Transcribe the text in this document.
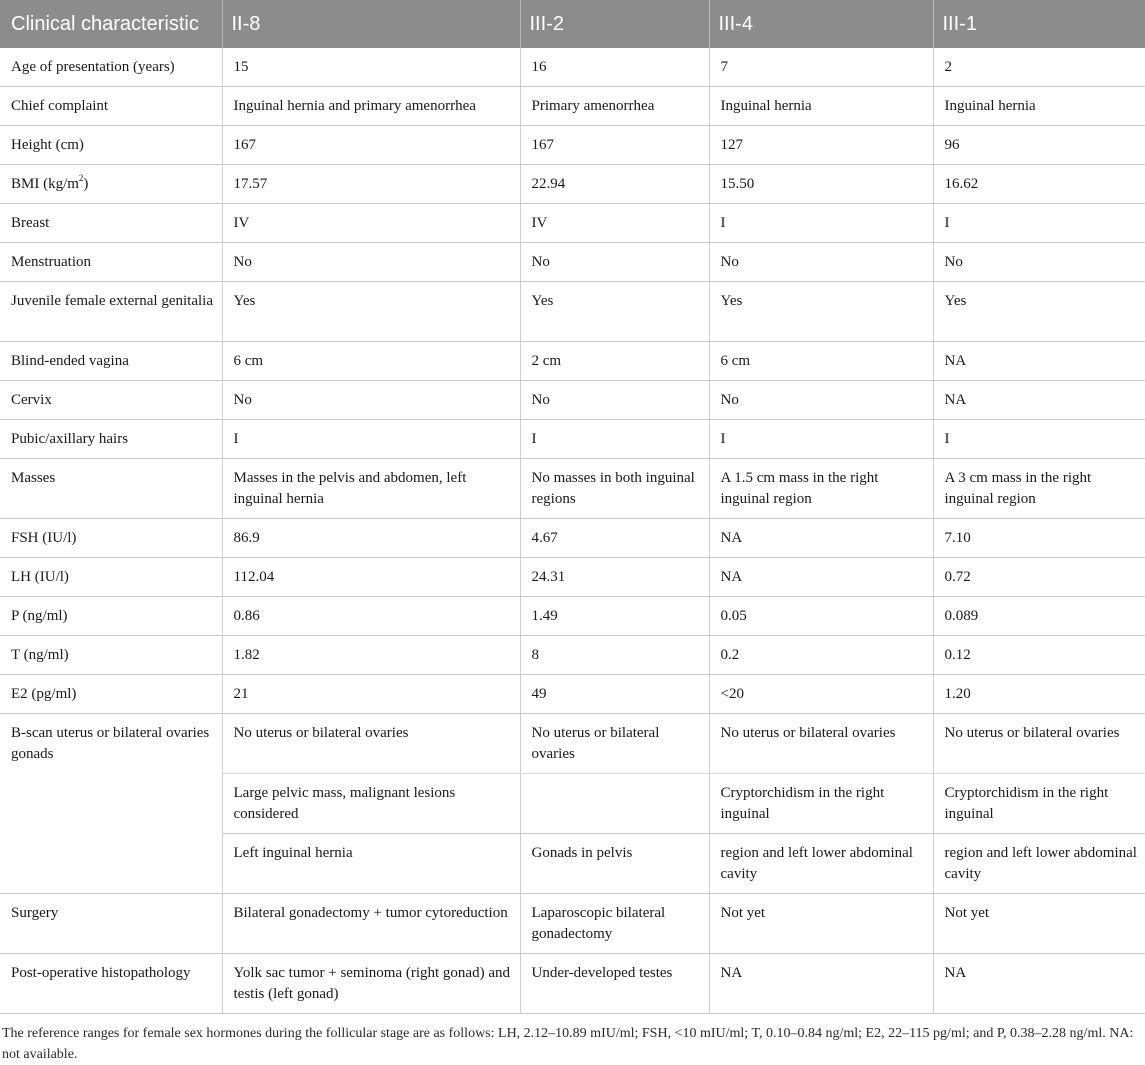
Clinical characteristic	II-8	III-2	III-4	III-1
Age of presentation (years)	15	16	7	2
Chief complaint	Inguinal hernia and primary amenorrhea	Primary amenorrhea	Inguinal hernia	Inguinal hernia
Height (cm)	167	167	127	96
BMI $(kg/m^2)$	17.57	22.94	15.50	16.62
Breast	IV	IV	I	I
Menstruation	No	No	No	No
Juvenile female external genitalia	Yes	Yes	Yes	Yes
Blind-ended vagina	6 cm	2 cm	6 cm	NA
Cervix	No	No	No	NA
Pubic/axillary hairs	I	I	I	I
Masses	Masses in the pelvis and abdomen, left inguinal hernia	No masses in both inguinal regions	A 1.5 cm mass in the right inguinal region	A 3 cm mass in the right inguinal region
FSH (IU/l)	86.9	4.67	NA	7.10
LH (IU/l)	112.04	24.31	NA	0.72
P (ng/ml)	0.86	1.49	0.05	0.089
T (ng/ml)	1.82	8	0.2	0.12
E2 (pg/ml)	21	49	<20	1.20
B-scan uterus or bilateral ovaries gonads	No uterus or bilateral ovaries	No uterus or bilateral ovaries	No uterus or bilateral ovaries	No uterus or bilateral ovaries
	Large pelvic mass, malignant lesions considered		Cryptorchidism in the right inguinal	Cryptorchidism in the right inguinal
	Left inguinal hernia	Gonads in pelvis	region and left lower abdominal cavity	region and left lower abdominal cavity
Surgery	Bilateral gonadectomy + tumor cytoreduction	Laparoscopic bilateral gonadectomy	Not yet	Not yet
Post-operative histopathology	Yolk sac tumor + seminoma (right gonad) and testis (left gonad)	Under-developed testes	NA	NA
The reference ranges for female sex hormones during the follicular stage are as follows: LH, 2.12–10.89 mIU/ml; FSH, <10 mIU/ml; T, 0.10–0.84 ng/ml; E2, 22–115 pg/ml; and P, 0.38–2.28 ng/ml. NA: not available.
